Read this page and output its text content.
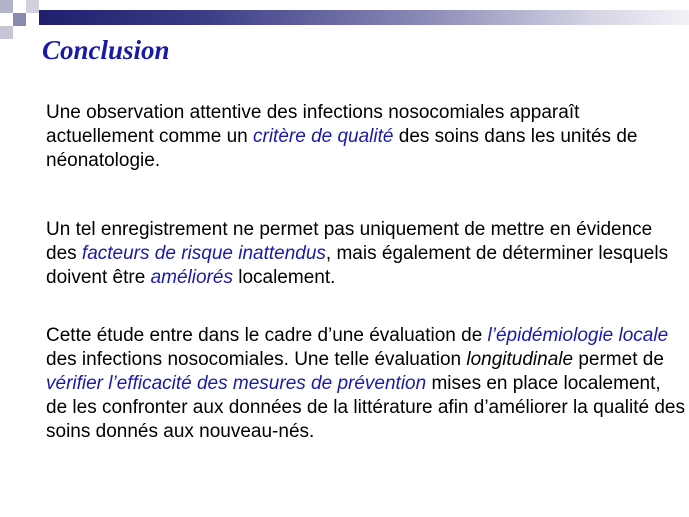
Conclusion

Une observation attentive des infections nosocomiales apparaît actuellement comme un critère de qualité des soins dans les unités de néonatologie.

Un tel enregistrement ne permet pas uniquement de mettre en évidence des facteurs de risque inattendus, mais également de déterminer lesquels doivent être améliorés localement.

Cette étude entre dans le cadre d’une évaluation de l’épidémiologie locale des infections nosocomiales. Une telle évaluation longitudinale permet de vérifier l’efficacité des mesures de prévention mises en place localement, de les confronter aux données de la littérature afin d’améliorer la qualité des soins donnés aux nouveau-nés.
